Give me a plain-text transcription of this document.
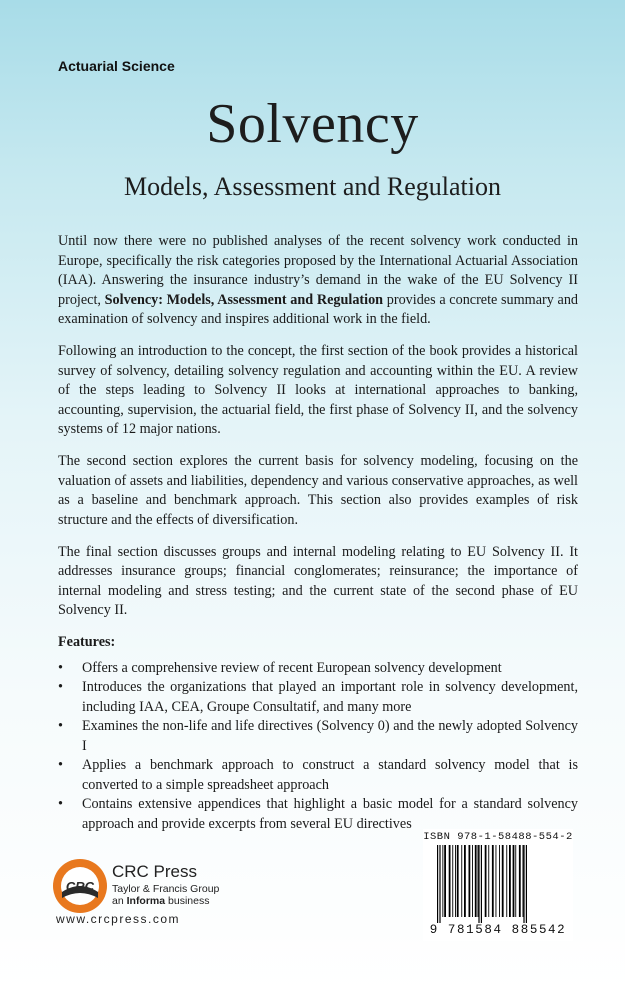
Actuarial Science
Solvency
Models, Assessment and Regulation

Until now there were no published analyses of the recent solvency work conducted in Europe, specifically the risk categories proposed by the International Actuarial Association (IAA). Answering the insurance industry’s demand in the wake of the EU Solvency II project, Solvency: Models, Assessment and Regulation provides a concrete summary and examination of solvency and inspires additional work in the field.

Following an introduction to the concept, the first section of the book provides a historical survey of solvency, detailing solvency regulation and accounting within the EU. A review of the steps leading to Solvency II looks at international approaches to banking, accounting, supervision, the actuarial field, the first phase of Solvency II, and the solvency systems of 12 major nations.

The second section explores the current basis for solvency modeling, focusing on the valuation of assets and liabilities, dependency and various conservative approaches, as well as a baseline and benchmark approach. This section also provides examples of risk structure and the effects of diversification.

The final section discusses groups and internal modeling relating to EU Solvency II. It addresses insurance groups; financial conglomerates; reinsurance; the importance of internal modeling and stress testing; and the current state of the second phase of EU Solvency II.

Features:
• Offers a comprehensive review of recent European solvency development
• Introduces the organizations that played an important role in solvency development, including IAA, CEA, Groupe Consultatif, and many more
• Examines the non-life and life directives (Solvency 0) and the newly adopted Solvency I
• Applies a benchmark approach to construct a standard solvency model that is converted to a simple spreadsheet approach
• Contains extensive appendices that highlight a basic model for a standard solvency approach and provide excerpts from several EU directives
CRC
CRC Press
Taylor & Francis Group
an Informa business
www.crcpress.com
ISBN 978-1-58488-554-2
9 781584 885542
